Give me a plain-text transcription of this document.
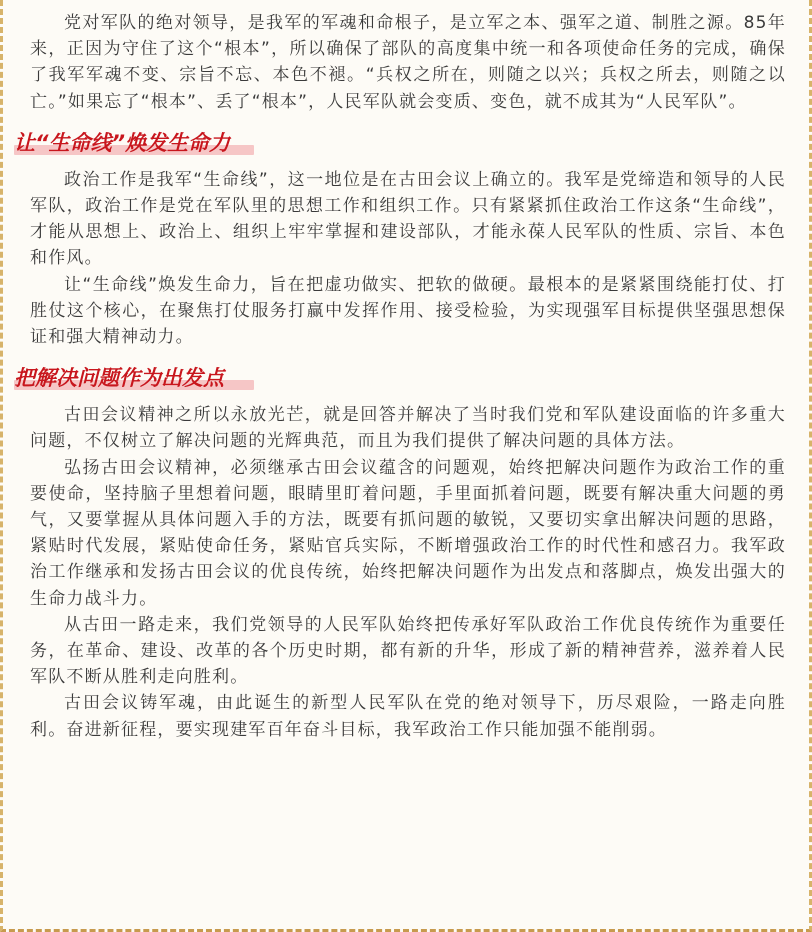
党对军队的绝对领导，是我军的军魂和命根子，是立军之本、强军之道、制胜之源。85年来，正因为守住了这个“根本”，所以确保了部队的高度集中统一和各项使命任务的完成，确保了我军军魂不变、宗旨不忘、本色不褪。“兵权之所在，则随之以兴；兵权之所去，则随之以亡。”如果忘了“根本”、丢了“根本”，人民军队就会变质、变色，就不成其为“人民军队”。

让“生命线”焕发生命力

政治工作是我军“生命线”，这一地位是在古田会议上确立的。我军是党缔造和领导的人民军队，政治工作是党在军队里的思想工作和组织工作。只有紧紧抓住政治工作这条“生命线”，才能从思想上、政治上、组织上牢牢掌握和建设部队，才能永葆人民军队的性质、宗旨、本色和作风。

让“生命线”焕发生命力，旨在把虚功做实、把软的做硬。最根本的是紧紧围绕能打仗、打胜仗这个核心，在聚焦打仗服务打赢中发挥作用、接受检验，为实现强军目标提供坚强思想保证和强大精神动力。

把解决问题作为出发点

古田会议精神之所以永放光芒，就是回答并解决了当时我们党和军队建设面临的许多重大问题，不仅树立了解决问题的光辉典范，而且为我们提供了解决问题的具体方法。

弘扬古田会议精神，必须继承古田会议蕴含的问题观，始终把解决问题作为政治工作的重要使命，坚持脑子里想着问题，眼睛里盯着问题，手里面抓着问题，既要有解决重大问题的勇气，又要掌握从具体问题入手的方法，既要有抓问题的敏锐，又要切实拿出解决问题的思路，紧贴时代发展，紧贴使命任务，紧贴官兵实际，不断增强政治工作的时代性和感召力。我军政治工作继承和发扬古田会议的优良传统，始终把解决问题作为出发点和落脚点，焕发出强大的生命力战斗力。

从古田一路走来，我们党领导的人民军队始终把传承好军队政治工作优良传统作为重要任务，在革命、建设、改革的各个历史时期，都有新的升华，形成了新的精神营养，滋养着人民军队不断从胜利走向胜利。

古田会议铸军魂，由此诞生的新型人民军队在党的绝对领导下，历尽艰险，一路走向胜利。奋进新征程，要实现建军百年奋斗目标，我军政治工作只能加强不能削弱。
